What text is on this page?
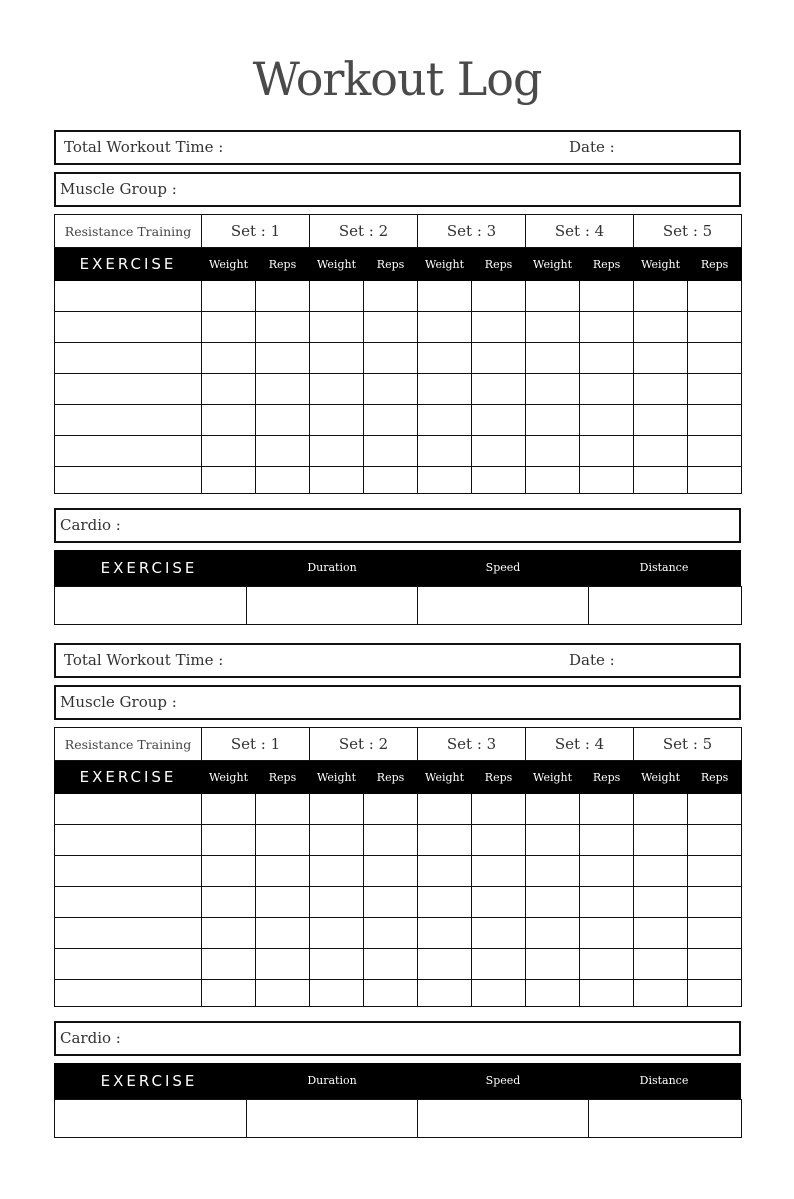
Workout Log
Total Workout Time :	Date :
Muscle Group :
Resistance Training	Set : 1		Set : 2		Set : 3		Set : 4		Set : 5	
EXERCISE	Weight	Reps	Weight	Reps	Weight	Reps	Weight	Reps	Weight	Reps

Cardio :
EXERCISE	Duration	Speed	Distance

Total Workout Time :	Date :
Muscle Group :
Resistance Training	Set : 1		Set : 2		Set : 3		Set : 4		Set : 5	
EXERCISE	Weight	Reps	Weight	Reps	Weight	Reps	Weight	Reps	Weight	Reps

Cardio :
EXERCISE	Duration	Speed	Distance
